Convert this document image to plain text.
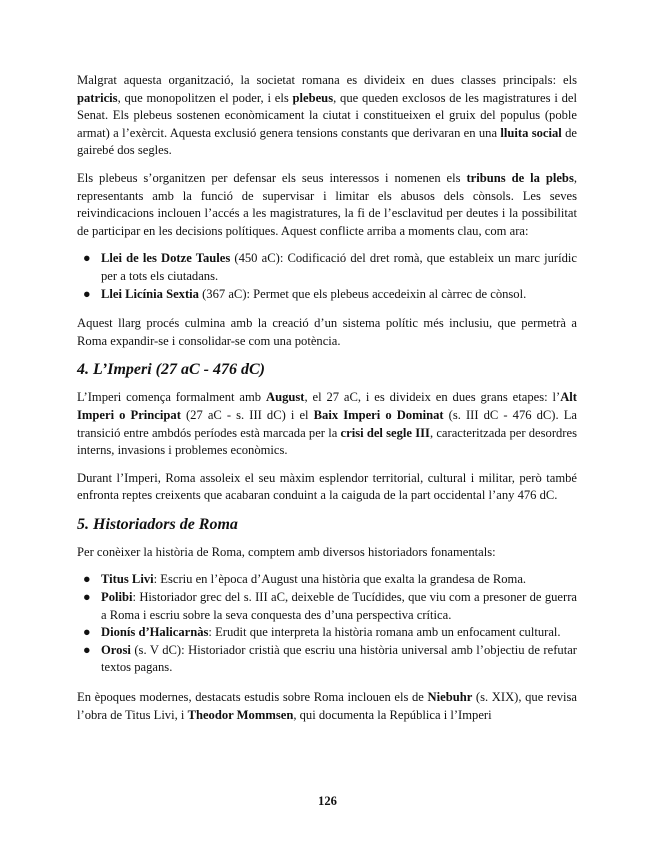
Malgrat aquesta organització, la societat romana es divideix en dues classes principals: els patricis, que monopolitzen el poder, i els plebeus, que queden exclosos de les magistratures i del Senat. Els plebeus sostenen econòmicament la ciutat i constitueixen el gruix del populus (poble armat) a l’exèrcit. Aquesta exclusió genera tensions constants que derivaran en una lluita social de gairebé dos segles.

Els plebeus s’organitzen per defensar els seus interessos i nomenen els tribuns de la plebs, representants amb la funció de supervisar i limitar els abusos dels cònsols. Les seves reivindicacions inclouen l’accés a les magistratures, la fi de l’esclavitud per deutes i la possibilitat de participar en les decisions polítiques. Aquest conflicte arriba a moments clau, com ara:

● Llei de les Dotze Taules (450 aC): Codificació del dret romà, que estableix un marc jurídic per a tots els ciutadans.
● Llei Licínia Sextia (367 aC): Permet que els plebeus accedeixin al càrrec de cònsol.

Aquest llarg procés culmina amb la creació d’un sistema polític més inclusiu, que permetrà a Roma expandir-se i consolidar-se com una potència.

4. L’Imperi (27 aC - 476 dC)

L’Imperi comença formalment amb August, el 27 aC, i es divideix en dues grans etapes: l’Alt Imperi o Principat (27 aC - s. III dC) i el Baix Imperi o Dominat (s. III dC - 476 dC). La transició entre ambdós períodes està marcada per la crisi del segle III, caracteritzada per desordres interns, invasions i problemes econòmics.

Durant l’Imperi, Roma assoleix el seu màxim esplendor territorial, cultural i militar, però també enfronta reptes creixents que acabaran conduint a la caiguda de la part occidental l’any 476 dC.

5. Historiadors de Roma

Per conèixer la història de Roma, comptem amb diversos historiadors fonamentals:

● Titus Livi: Escriu en l’època d’August una història que exalta la grandesa de Roma.
● Polibi: Historiador grec del s. III aC, deixeble de Tucídides, que viu com a presoner de guerra a Roma i escriu sobre la seva conquesta des d’una perspectiva crítica.
● Dionís d’Halicarnàs: Erudit que interpreta la història romana amb un enfocament cultural.
● Orosi (s. V dC): Historiador cristià que escriu una història universal amb l’objectiu de refutar textos pagans.

En èpoques modernes, destacats estudis sobre Roma inclouen els de Niebuhr (s. XIX), que revisa l’obra de Titus Livi, i Theodor Mommsen, qui documenta la República i l’Imperi

126
